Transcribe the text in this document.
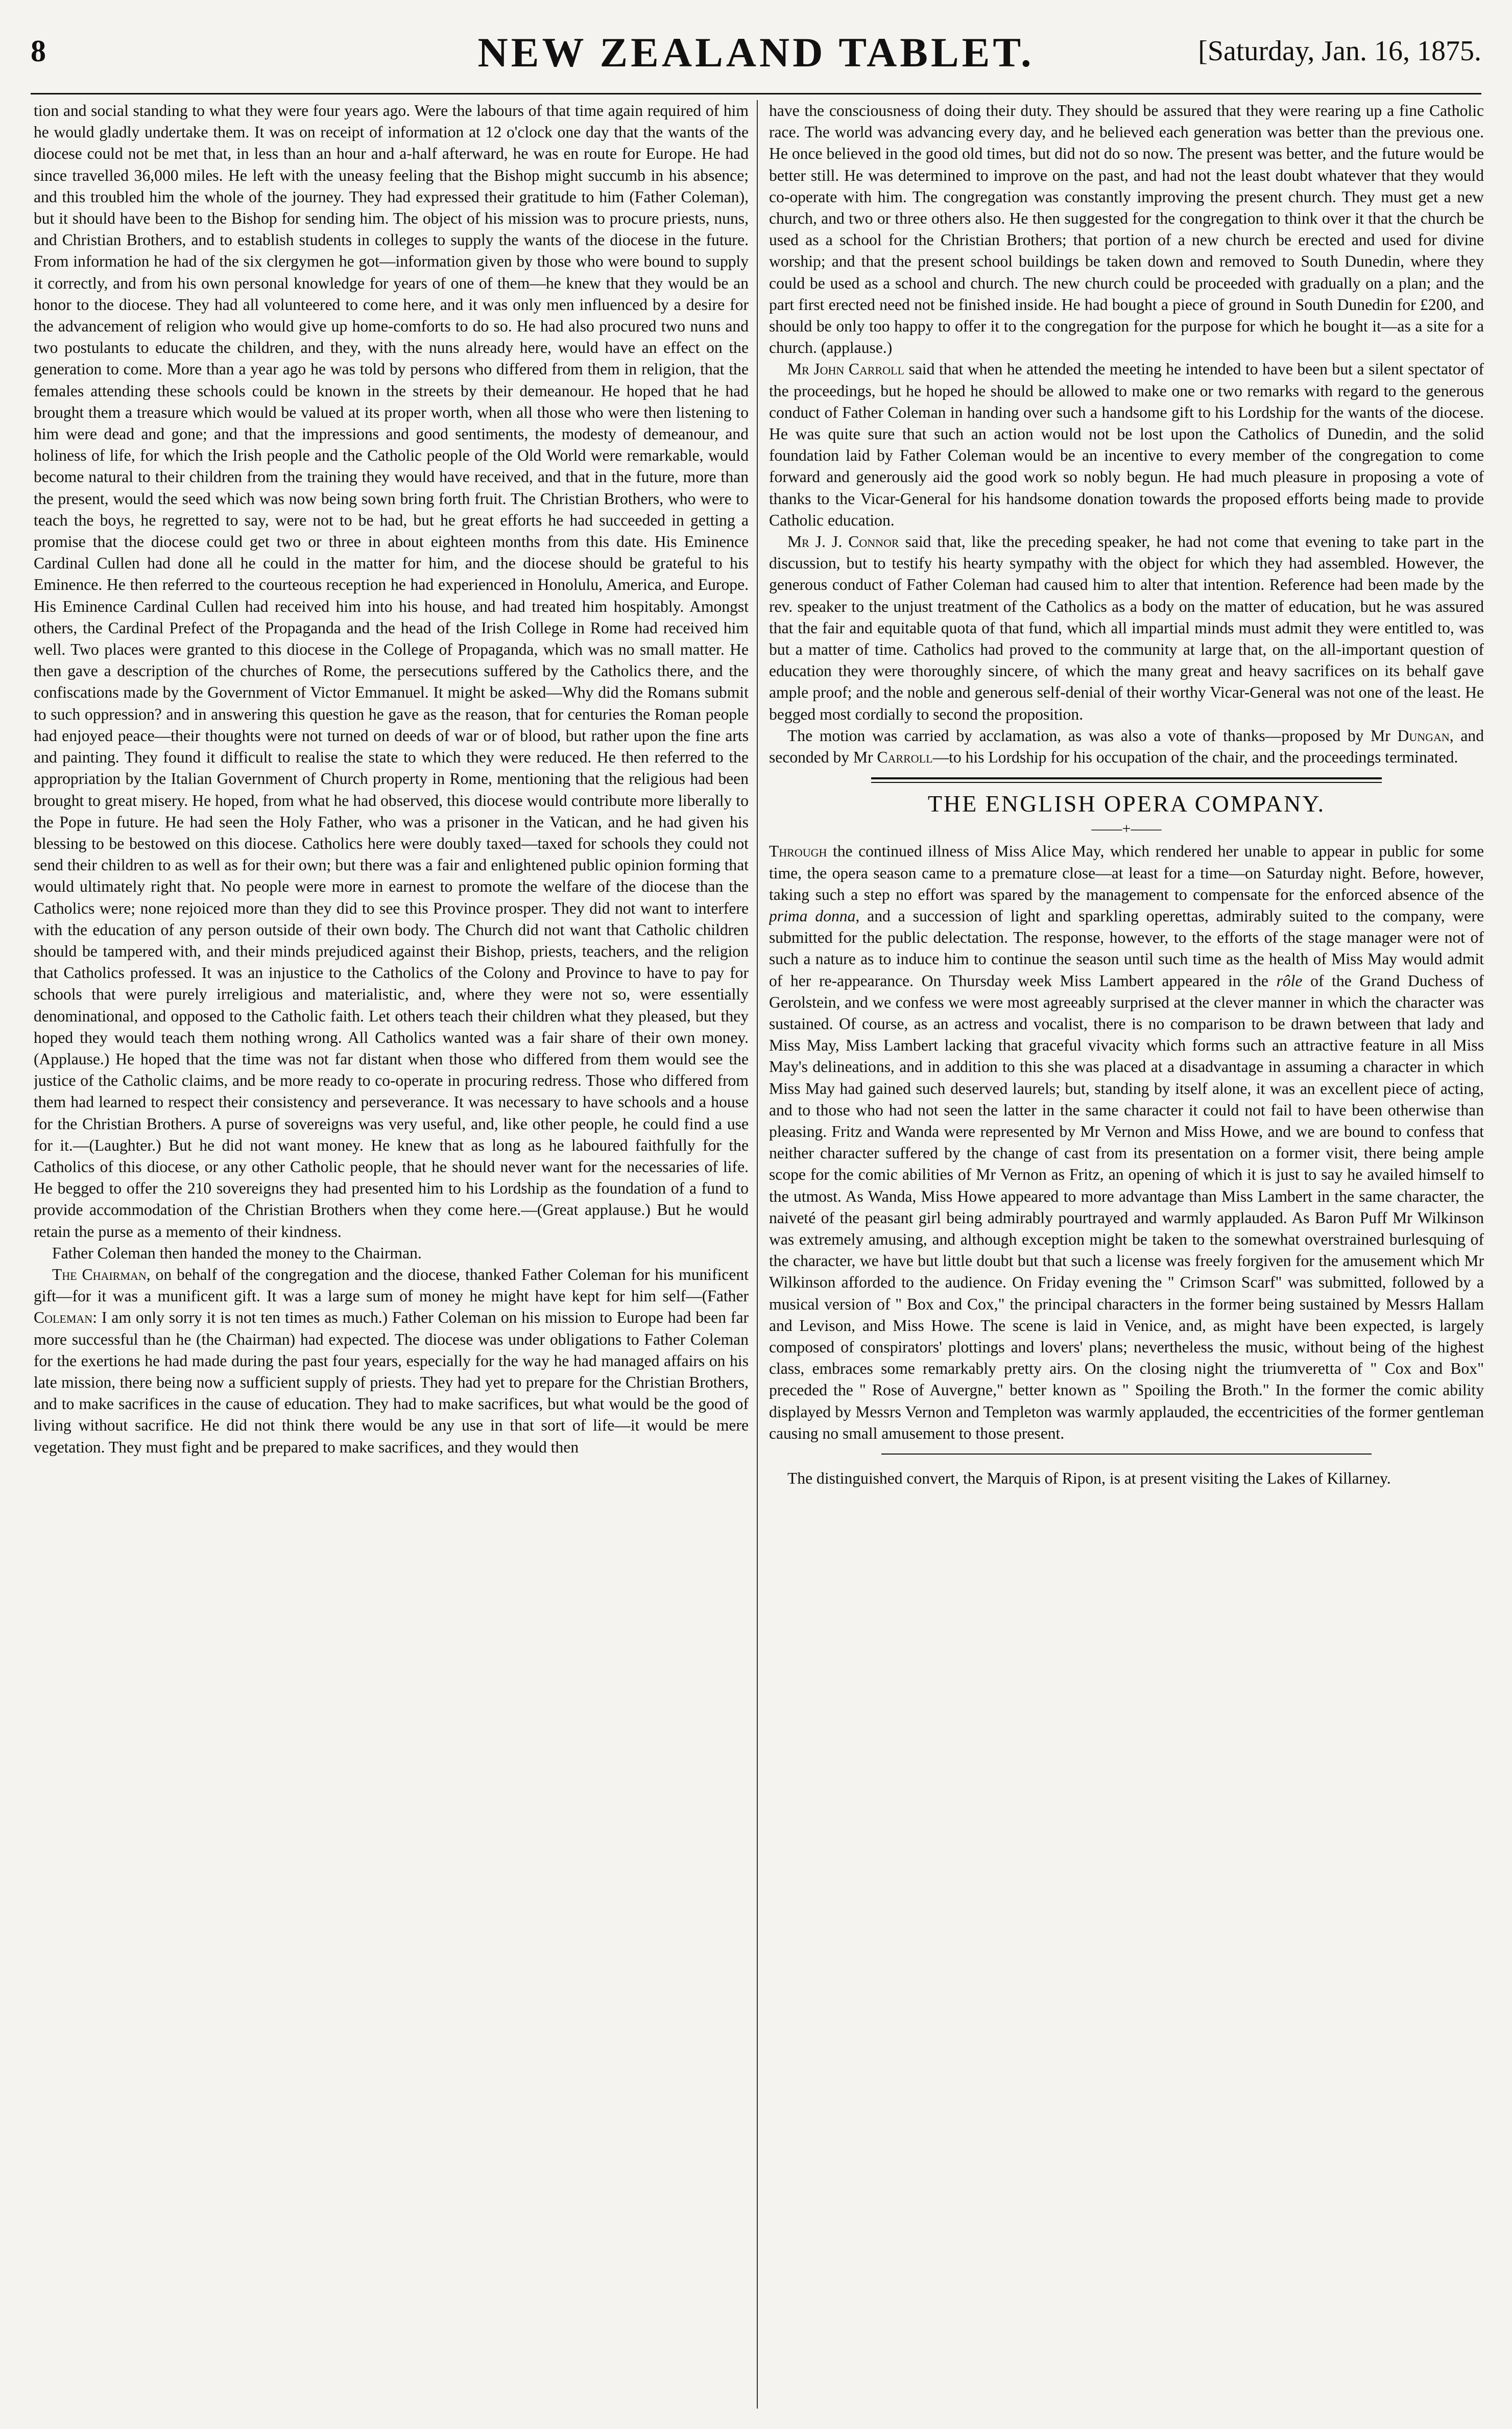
8	NEW ZEALAND TABLET.	[Saturday, Jan. 16, 1875.

tion and social standing to what they were four years ago. Were the labours of that time again required of him he would gladly undertake them. It was on receipt of information at 12 o'clock one day that the wants of the diocese could not be met that, in less than an hour and a-half afterward, he was en route for Europe. He had since travelled 36,000 miles. He left with the uneasy feeling that the Bishop might succumb in his absence; and this troubled him the whole of the journey. They had expressed their gratitude to him (Father Coleman), but it should have been to the Bishop for sending him. The object of his mission was to procure priests, nuns, and Christian Brothers, and to establish students in colleges to supply the wants of the diocese in the future. From information he had of the six clergymen he got—information given by those who were bound to supply it correctly, and from his own personal knowledge for years of one of them—he knew that they would be an honor to the diocese. They had all volunteered to come here, and it was only men influenced by a desire for the advancement of religion who would give up home-comforts to do so. He had also procured two nuns and two postulants to educate the children, and they, with the nuns already here, would have an effect on the generation to come. More than a year ago he was told by persons who differed from them in religion, that the females attending these schools could be known in the streets by their demeanour. He hoped that he had brought them a treasure which would be valued at its proper worth, when all those who were then listening to him were dead and gone; and that the impressions and good sentiments, the modesty of demeanour, and holiness of life, for which the Irish people and the Catholic people of the Old World were remarkable, would become natural to their children from the training they would have received, and that in the future, more than the present, would the seed which was now being sown bring forth fruit. The Christian Brothers, who were to teach the boys, he regretted to say, were not to be had, but he great efforts he had succeeded in getting a promise that the diocese could get two or three in about eighteen months from this date. His Eminence Cardinal Cullen had done all he could in the matter for him, and the diocese should be grateful to his Eminence. He then referred to the courteous reception he had experienced in Honolulu, America, and Europe. His Eminence Cardinal Cullen had received him into his house, and had treated him hospitably. Amongst others, the Cardinal Prefect of the Propaganda and the head of the Irish College in Rome had received him well. Two places were granted to this diocese in the College of Propaganda, which was no small matter. He then gave a description of the churches of Rome, the persecutions suffered by the Catholics there, and the confiscations made by the Government of Victor Emmanuel. It might be asked—Why did the Romans submit to such oppression? and in answering this question he gave as the reason, that for centuries the Roman people had enjoyed peace—their thoughts were not turned on deeds of war or of blood, but rather upon the fine arts and painting. They found it difficult to realise the state to which they were reduced. He then referred to the appropriation by the Italian Government of Church property in Rome, mentioning that the religious had been brought to great misery. He hoped, from what he had observed, this diocese would contribute more liberally to the Pope in future. He had seen the Holy Father, who was a prisoner in the Vatican, and he had given his blessing to be bestowed on this diocese. Catholics here were doubly taxed—taxed for schools they could not send their children to as well as for their own; but there was a fair and enlightened public opinion forming that would ultimately right that. No people were more in earnest to promote the welfare of the diocese than the Catholics were; none rejoiced more than they did to see this Province prosper. They did not want to interfere with the education of any person outside of their own body. The Church did not want that Catholic children should be tampered with, and their minds prejudiced against their Bishop, priests, teachers, and the religion that Catholics professed. It was an injustice to the Catholics of the Colony and Province to have to pay for schools that were purely irreligious and materialistic, and, where they were not so, were essentially denominational, and opposed to the Catholic faith. Let others teach their children what they pleased, but they hoped they would teach them nothing wrong. All Catholics wanted was a fair share of their own money. (Applause.) He hoped that the time was not far distant when those who differed from them would see the justice of the Catholic claims, and be more ready to co-operate in procuring redress. Those who differed from them had learned to respect their consistency and perseverance. It was necessary to have schools and a house for the Christian Brothers. A purse of sovereigns was very useful, and, like other people, he could find a use for it.—(Laughter.) But he did not want money. He knew that as long as he laboured faithfully for the Catholics of this diocese, or any other Catholic people, that he should never want for the necessaries of life. He begged to offer the 210 sovereigns they had presented him to his Lordship as the foundation of a fund to provide accommodation of the Christian Brothers when they come here.—(Great applause.) But he would retain the purse as a memento of their kindness.

Father Coleman then handed the money to the Chairman.

The Chairman, on behalf of the congregation and the diocese, thanked Father Coleman for his munificent gift—for it was a munificent gift. It was a large sum of money he might have kept for him self—(Father Coleman: I am only sorry it is not ten times as much.) Father Coleman on his mission to Europe had been far more successful than he (the Chairman) had expected. The diocese was under obligations to Father Coleman for the exertions he had made during the past four years, especially for the way he had managed affairs on his late mission, there being now a sufficient supply of priests. They had yet to prepare for the Christian Brothers, and to make sacrifices in the cause of education. They had to make sacrifices, but what would be the good of living without sacrifice. He did not think there would be any use in that sort of life—it would be mere vegetation. They must fight and be prepared to make sacrifices, and they would then

have the consciousness of doing their duty. They should be assured that they were rearing up a fine Catholic race. The world was advancing every day, and he believed each generation was better than the previous one. He once believed in the good old times, but did not do so now. The present was better, and the future would be better still. He was determined to improve on the past, and had not the least doubt whatever that they would co-operate with him. The congregation was constantly improving the present church. They must get a new church, and two or three others also. He then suggested for the congregation to think over it that the church be used as a school for the Christian Brothers; that portion of a new church be erected and used for divine worship; and that the present school buildings be taken down and removed to South Dunedin, where they could be used as a school and church. The new church could be proceeded with gradually on a plan; and the part first erected need not be finished inside. He had bought a piece of ground in South Dunedin for £200, and should be only too happy to offer it to the congregation for the purpose for which he bought it—as a site for a church. (applause.)

Mr John Carroll said that when he attended the meeting he intended to have been but a silent spectator of the proceedings, but he hoped he should be allowed to make one or two remarks with regard to the generous conduct of Father Coleman in handing over such a handsome gift to his Lordship for the wants of the diocese. He was quite sure that such an action would not be lost upon the Catholics of Dunedin, and the solid foundation laid by Father Coleman would be an incentive to every member of the congregation to come forward and generously aid the good work so nobly begun. He had much pleasure in proposing a vote of thanks to the Vicar-General for his handsome donation towards the proposed efforts being made to provide Catholic education.

Mr J. J. Connor said that, like the preceding speaker, he had not come that evening to take part in the discussion, but to testify his hearty sympathy with the object for which they had assembled. However, the generous conduct of Father Coleman had caused him to alter that intention. Reference had been made by the rev. speaker to the unjust treatment of the Catholics as a body on the matter of education, but he was assured that the fair and equitable quota of that fund, which all impartial minds must admit they were entitled to, was but a matter of time. Catholics had proved to the community at large that, on the all-important question of education they were thoroughly sincere, of which the many great and heavy sacrifices on its behalf gave ample proof; and the noble and generous self-denial of their worthy Vicar-General was not one of the least. He begged most cordially to second the proposition.

The motion was carried by acclamation, as was also a vote of thanks—proposed by Mr Dungan, and seconded by Mr Carroll—to his Lordship for his occupation of the chair, and the proceedings terminated.

THE ENGLISH OPERA COMPANY.
——+——

Through the continued illness of Miss Alice May, which rendered her unable to appear in public for some time, the opera season came to a premature close—at least for a time—on Saturday night. Before, however, taking such a step no effort was spared by the management to compensate for the enforced absence of the prima donna, and a succession of light and sparkling operettas, admirably suited to the company, were submitted for the public delectation. The response, however, to the efforts of the stage manager were not of such a nature as to induce him to continue the season until such time as the health of Miss May would admit of her re-appearance. On Thursday week Miss Lambert appeared in the rôle of the Grand Duchess of Gerolstein, and we confess we were most agreeably surprised at the clever manner in which the character was sustained. Of course, as an actress and vocalist, there is no comparison to be drawn between that lady and Miss May, Miss Lambert lacking that graceful vivacity which forms such an attractive feature in all Miss May's delineations, and in addition to this she was placed at a disadvantage in assuming a character in which Miss May had gained such deserved laurels; but, standing by itself alone, it was an excellent piece of acting, and to those who had not seen the latter in the same character it could not fail to have been otherwise than pleasing. Fritz and Wanda were represented by Mr Vernon and Miss Howe, and we are bound to confess that neither character suffered by the change of cast from its presentation on a former visit, there being ample scope for the comic abilities of Mr Vernon as Fritz, an opening of which it is just to say he availed himself to the utmost. As Wanda, Miss Howe appeared to more advantage than Miss Lambert in the same character, the naiveté of the peasant girl being admirably pourtrayed and warmly applauded. As Baron Puff Mr Wilkinson was extremely amusing, and although exception might be taken to the somewhat overstrained burlesquing of the character, we have but little doubt but that such a license was freely forgiven for the amusement which Mr Wilkinson afforded to the audience. On Friday evening the " Crimson Scarf" was submitted, followed by a musical version of " Box and Cox," the principal characters in the former being sustained by Messrs Hallam and Levison, and Miss Howe. The scene is laid in Venice, and, as might have been expected, is largely composed of conspirators' plottings and lovers' plans; nevertheless the music, without being of the highest class, embraces some remarkably pretty airs. On the closing night the triumveretta of " Cox and Box" preceded the " Rose of Auvergne," better known as " Spoiling the Broth." In the former the comic ability displayed by Messrs Vernon and Templeton was warmly applauded, the eccentricities of the former gentleman causing no small amusement to those present.

The distinguished convert, the Marquis of Ripon, is at present visiting the Lakes of Killarney.
